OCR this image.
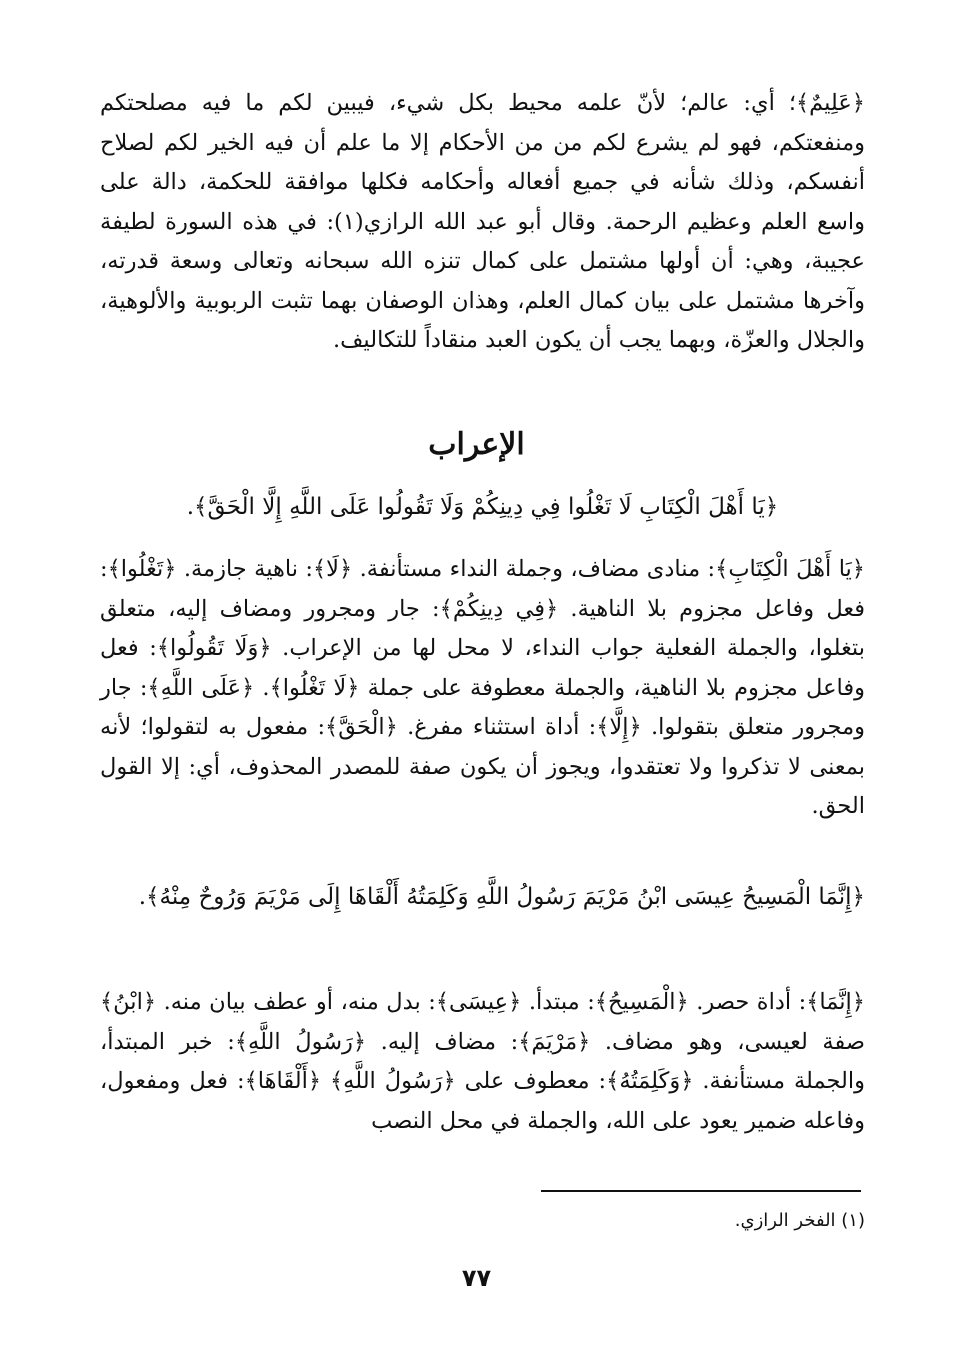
﴿عَلِيمٌ﴾؛ أي: عالم؛ لأنّ علمه محيط بكل شيء، فيبين لكم ما فيه مصلحتكم ومنفعتكم، فهو لم يشرع لكم من من الأحكام إلا ما علم أن فيه الخير لكم لصلاح أنفسكم، وذلك شأنه في جميع أفعاله وأحكامه فكلها موافقة للحكمة، دالة على واسع العلم وعظيم الرحمة. وقال أبو عبد الله الرازي(١): في هذه السورة لطيفة عجيبة، وهي: أن أولها مشتمل على كمال تنزه الله سبحانه وتعالى وسعة قدرته، وآخرها مشتمل على بيان كمال العلم، وهذان الوصفان بهما تثبت الربوبية والألوهية، والجلال والعزّة، وبهما يجب أن يكون العبد منقاداً للتكاليف.

الإعراب

﴿يَا أَهْلَ الْكِتَابِ لَا تَغْلُوا فِي دِينِكُمْ وَلَا تَقُولُوا عَلَى اللَّهِ إِلَّا الْحَقَّ﴾.

﴿يَا أَهْلَ الْكِتَابِ﴾: منادى مضاف، وجملة النداء مستأنفة. ﴿لَا﴾: ناهية جازمة. ﴿تَغْلُوا﴾: فعل وفاعل مجزوم بلا الناهية. ﴿فِي دِينِكُمْ﴾: جار ومجرور ومضاف إليه، متعلق بتغلوا، والجملة الفعلية جواب النداء، لا محل لها من الإعراب. ﴿وَلَا تَقُولُوا﴾: فعل وفاعل مجزوم بلا الناهية، والجملة معطوفة على جملة ﴿لَا تَغْلُوا﴾. ﴿عَلَى اللَّهِ﴾: جار ومجرور متعلق بتقولوا. ﴿إِلَّا﴾: أداة استثناء مفرغ. ﴿الْحَقَّ﴾: مفعول به لتقولوا؛ لأنه بمعنى لا تذكروا ولا تعتقدوا، ويجوز أن يكون صفة للمصدر المحذوف، أي: إلا القول الحق.

﴿إِنَّمَا الْمَسِيحُ عِيسَى ابْنُ مَرْيَمَ رَسُولُ اللَّهِ وَكَلِمَتُهُ أَلْقَاهَا إِلَى مَرْيَمَ وَرُوحٌ مِنْهُ﴾.

﴿إِنَّمَا﴾: أداة حصر. ﴿الْمَسِيحُ﴾: مبتدأ. ﴿عِيسَى﴾: بدل منه، أو عطف بيان منه. ﴿ابْنُ﴾ صفة لعيسى، وهو مضاف. ﴿مَرْيَمَ﴾: مضاف إليه. ﴿رَسُولُ اللَّهِ﴾: خبر المبتدأ، والجملة مستأنفة. ﴿وَكَلِمَتُهُ﴾: معطوف على ﴿رَسُولُ اللَّهِ﴾ ﴿أَلْقَاهَا﴾: فعل ومفعول، وفاعله ضمير يعود على الله، والجملة في محل النصب

(١) الفخر الرازي.
٧٧
